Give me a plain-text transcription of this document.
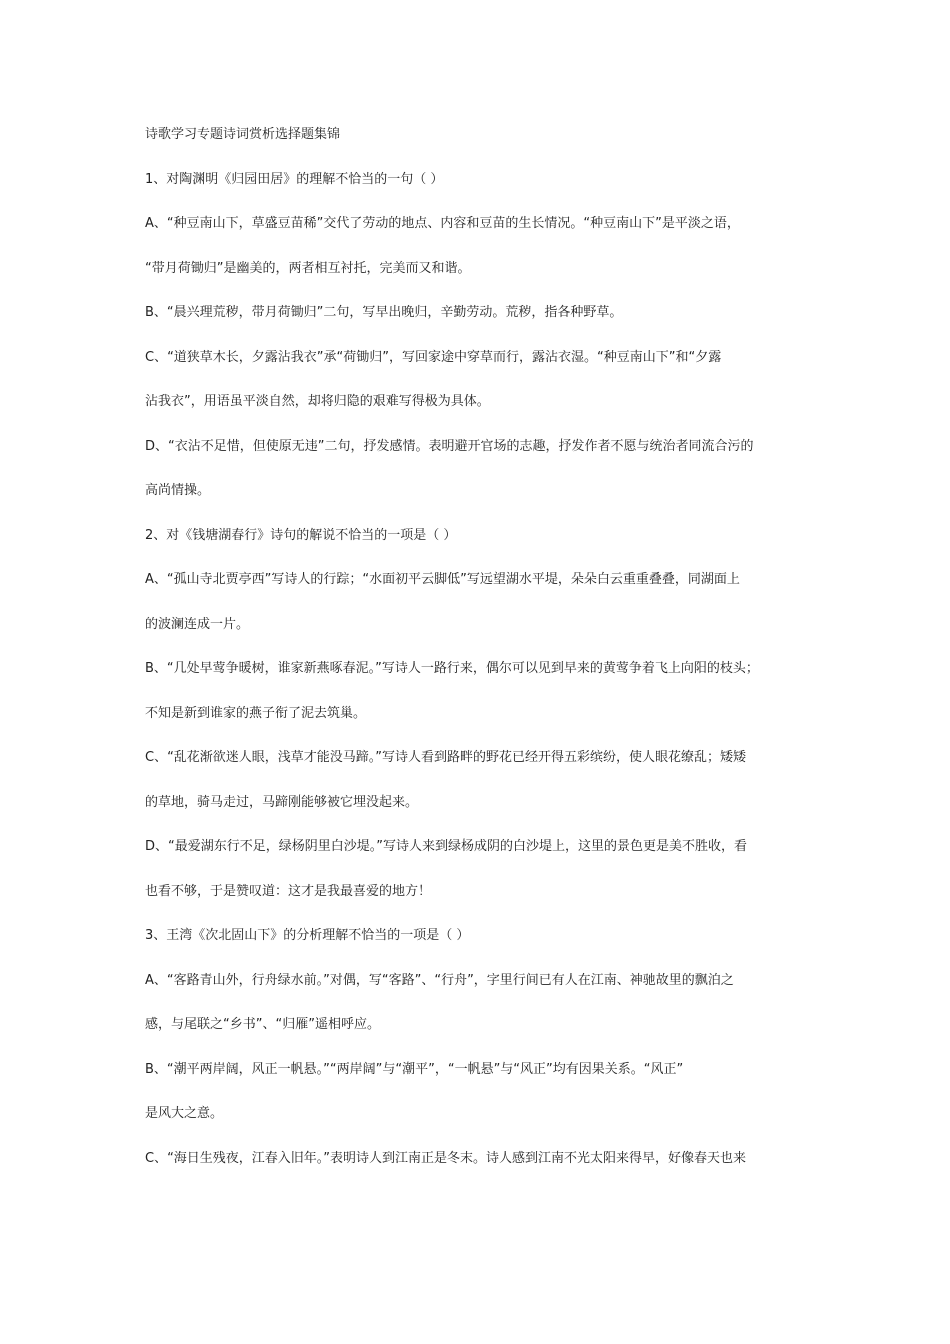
诗歌学习专题诗词赏析选择题集锦
1、对陶渊明《归园田居》的理解不恰当的一句（ ）
A、“种豆南山下，草盛豆苗稀”交代了劳动的地点、内容和豆苗的生长情况。“种豆南山下”是平淡之语，
“带月荷锄归”是幽美的，两者相互衬托，完美而又和谐。
B、“晨兴理荒秽，带月荷锄归”二句，写早出晚归，辛勤劳动。荒秽，指各种野草。
C、“道狭草木长，夕露沾我衣”承“荷锄归”，写回家途中穿草而行，露沾衣湿。“种豆南山下”和“夕露
沾我衣”，用语虽平淡自然，却将归隐的艰难写得极为具体。
D、“衣沾不足惜，但使原无违”二句，抒发感情。表明避开官场的志趣，抒发作者不愿与统治者同流合污的
高尚情操。
2、对《钱塘湖春行》诗句的解说不恰当的一项是（ ）
A、“孤山寺北贾亭西”写诗人的行踪；“水面初平云脚低”写远望湖水平堤，朵朵白云重重叠叠，同湖面上
的波澜连成一片。
B、“几处早莺争暖树，谁家新燕啄春泥。”写诗人一路行来，偶尔可以见到早来的黄莺争着飞上向阳的枝头；
不知是新到谁家的燕子衔了泥去筑巢。
C、“乱花渐欲迷人眼，浅草才能没马蹄。”写诗人看到路畔的野花已经开得五彩缤纷，使人眼花缭乱；矮矮
的草地，骑马走过，马蹄刚能够被它埋没起来。
D、“最爱湖东行不足，绿杨阴里白沙堤。”写诗人来到绿杨成阴的白沙堤上，这里的景色更是美不胜收，看
也看不够，于是赞叹道：这才是我最喜爱的地方！
3、王湾《次北固山下》的分析理解不恰当的一项是（ ）
A、“客路青山外，行舟绿水前。”对偶，写“客路”、“行舟”，字里行间已有人在江南、神驰故里的飘泊之
感，与尾联之“乡书”、“归雁”遥相呼应。
B、“潮平两岸阔，风正一帆悬。”“两岸阔”与“潮平”，“一帆悬”与“风正”均有因果关系。“风正”
是风大之意。
C、“海日生残夜，江春入旧年。”表明诗人到江南正是冬末。诗人感到江南不光太阳来得早，好像春天也来
